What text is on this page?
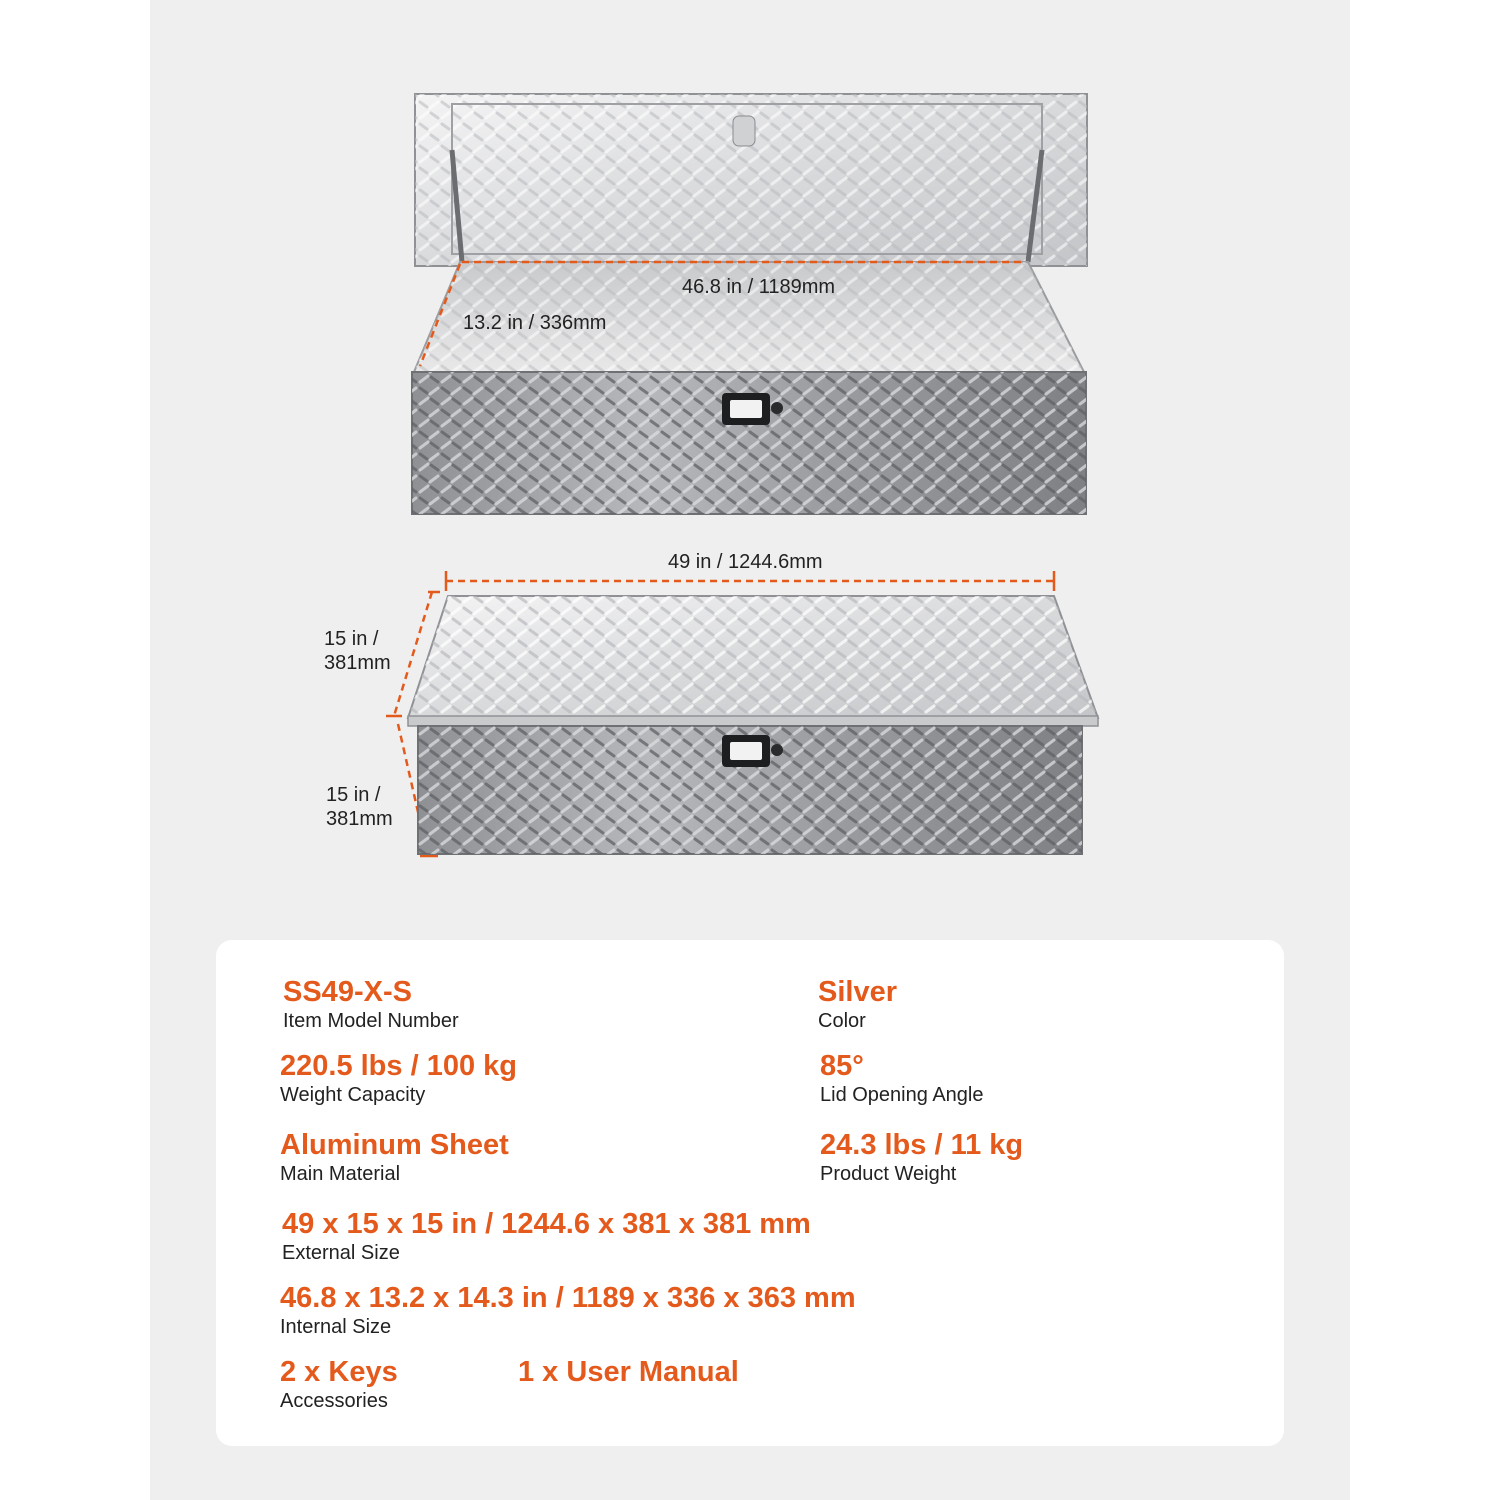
46.8 in / 1189mm
13.2 in / 336mm
49 in / 1244.6mm
15 in /
381mm
15 in /
381mm
SS49-X-S
Item Model Number
Silver
Color
220.5 lbs / 100 kg
Weight Capacity
85°
Lid Opening Angle
Aluminum Sheet
Main Material
24.3 lbs / 11 kg
Product Weight
49 x 15 x 15 in / 1244.6 x 381 x 381 mm
External Size
46.8 x 13.2 x 14.3 in / 1189 x 336 x 363 mm
Internal Size
2 x Keys
Accessories
1 x User Manual
